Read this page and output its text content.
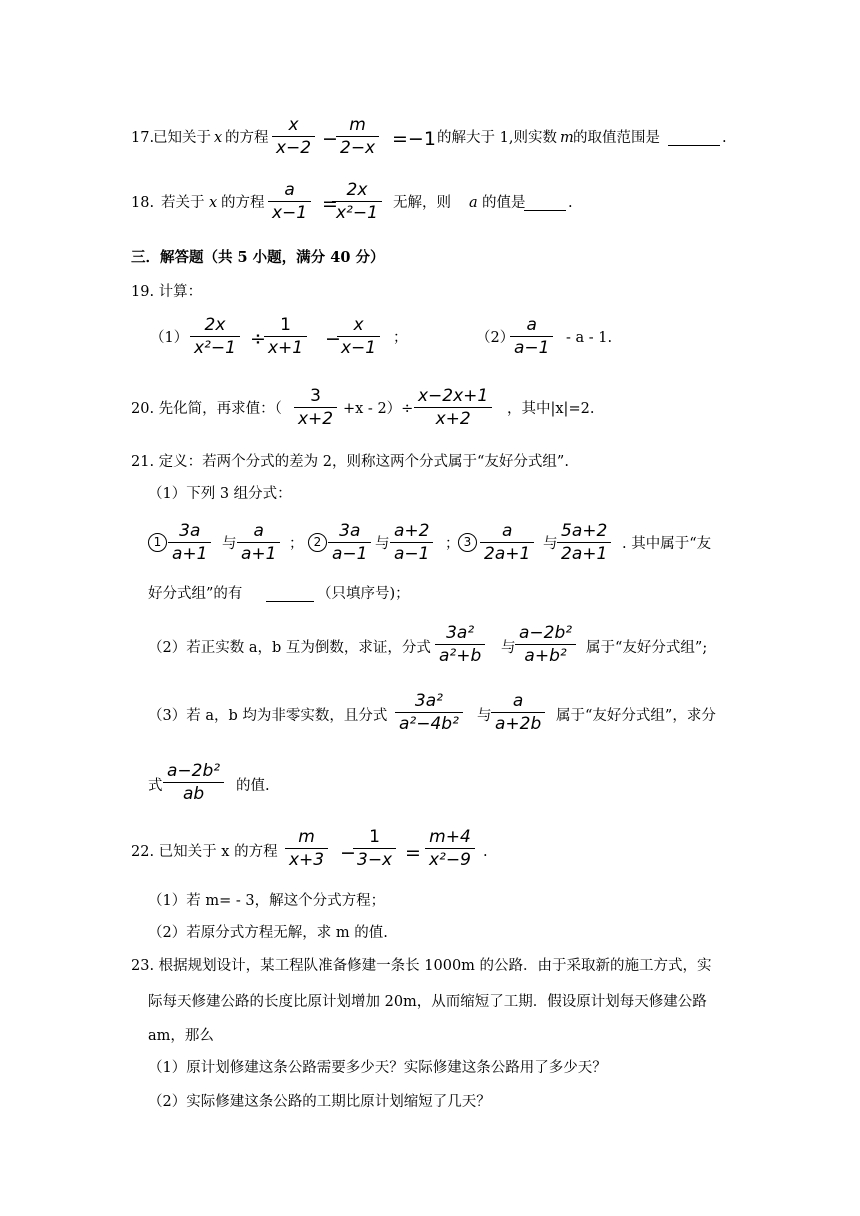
17.
已知关于 x 的方程
x
x−2 −
m
2−x =−1 的解大于 1,则实数 m 的取值范围是	.
18. 若关于 x 的方程
a
x−1 =
2x
x²−1 无解，则 a 的值是	.
三．解答题（共 5 小题，满分 40 分）
19. 计算：
（1）
2x
x²−1 ÷
1
x+1 −
x
x−1 ；	（2）
a
a−1 - a - 1.
20. 先化简，再求值：（
3
x+2 +x - 2）÷
x−2x+1
x+2	，其中|x|=2.
21. 定义：若两个分式的差为 2，则称这两个分式属于“友好分式组”.
（1）下列 3 组分式：
1
3a
a+1 与
a
a+1 ； 2
3a
a−1 与
a+2
a−1 ； 3
a
2a+1 与
5a+2
2a+1 . 其中属于“友
好分式组”的有	（只填序号)；
（2）若正实数 a，b 互为倒数，求证，分式
3a²
a²+b 与
a−2b²
a+b² 属于“友好分式组”;
（3）若 a，b 均为非零实数，且分式
3a²
a²−4b² 与
a
a+2b 属于“友好分式组”，求分
式
a−2b²
ab 的值.
22. 已知关于 x 的方程
m
x+3 −
1
3−x =
m+4
x²−9 .
（1）若 m= - 3，解这个分式方程；
（2）若原分式方程无解，求 m 的值.
23. 根据规划设计，某工程队准备修建一条长 1000m 的公路．由于采取新的施工方式，实
际每天修建公路的长度比原计划增加 20m，从而缩短了工期．假设原计划每天修建公路
am，那么
（1）原计划修建这条公路需要多少天？实际修建这条公路用了多少天？
（2）实际修建这条公路的工期比原计划缩短了几天？
